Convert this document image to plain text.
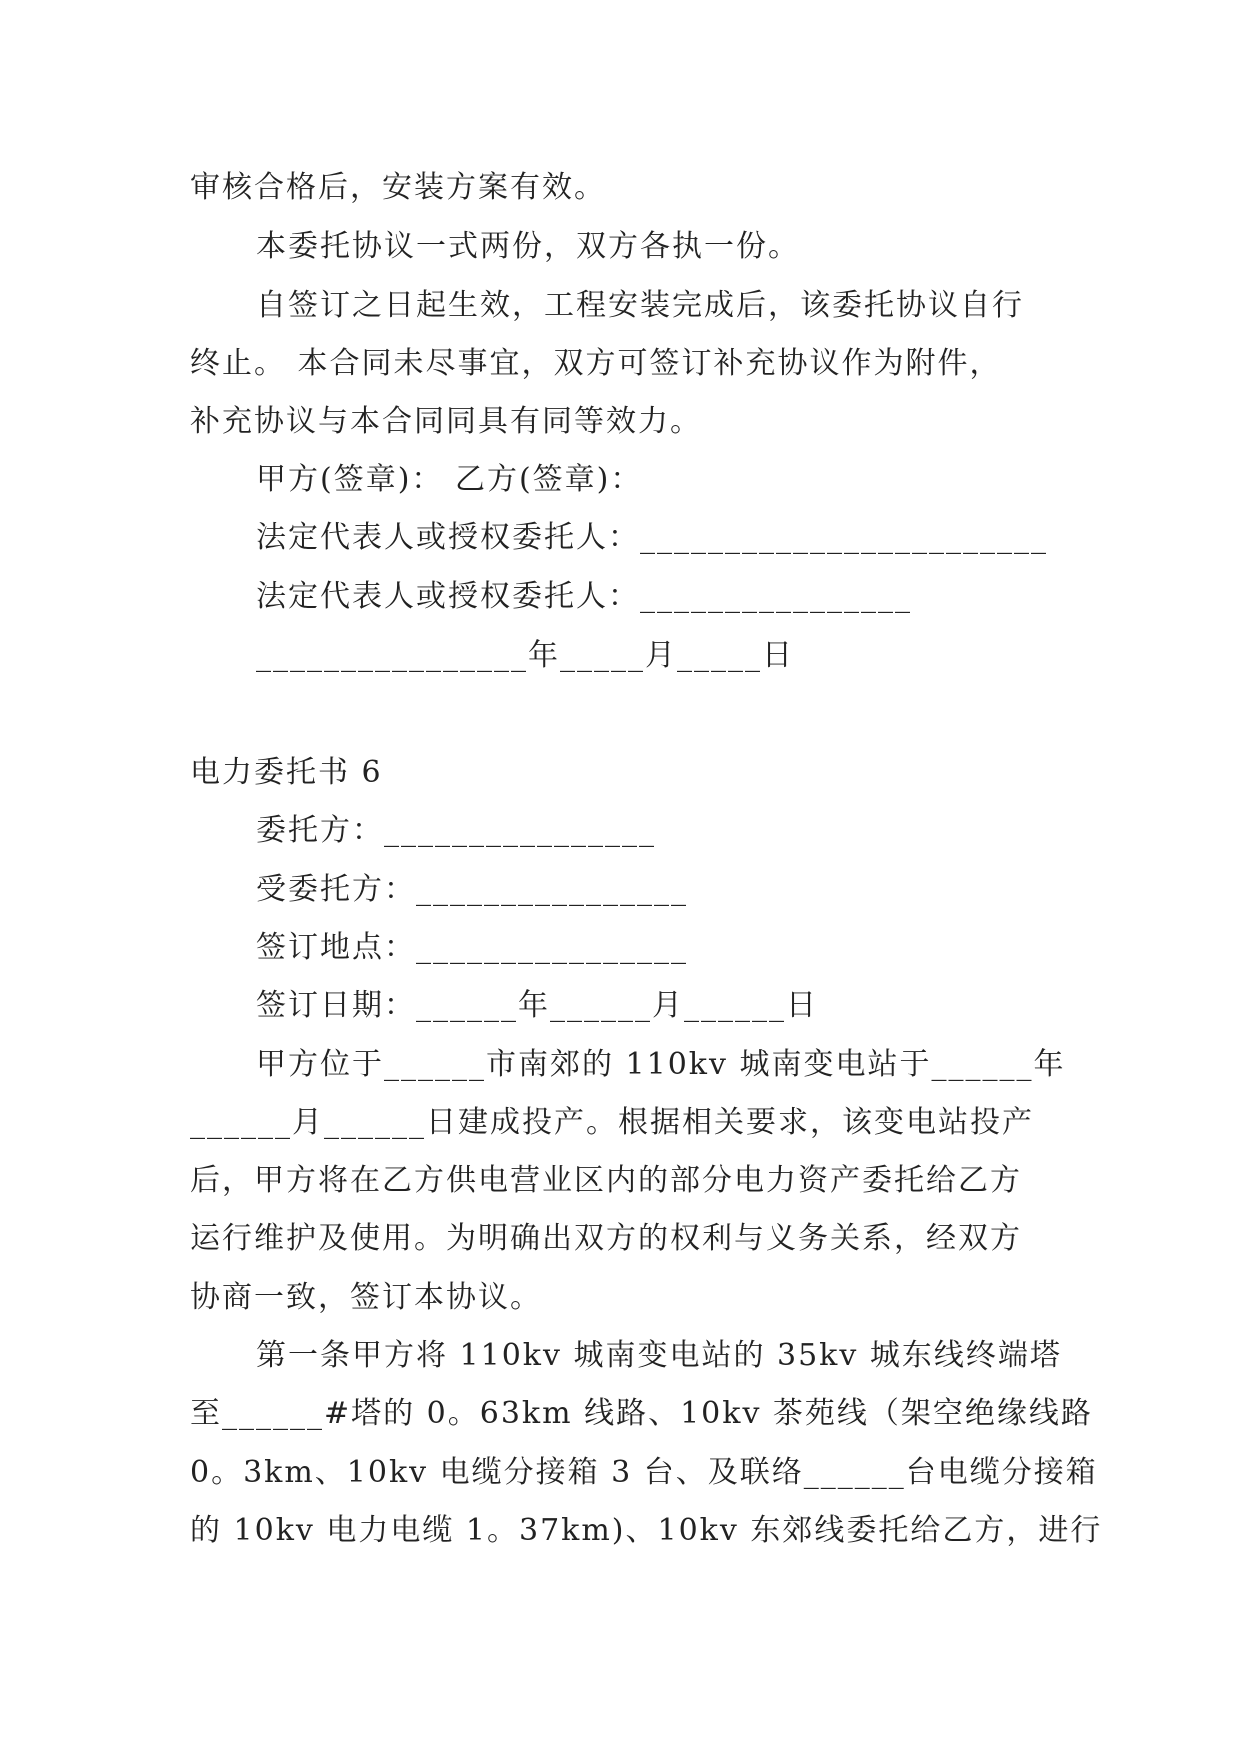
审核合格后，安装方案有效。
本委托协议一式两份，双方各执一份。
自签订之日起生效，工程安装完成后，该委托协议自行
终止。 本合同未尽事宜，双方可签订补充协议作为附件，
补充协议与本合同同具有同等效力。
甲方(签章)： 乙方(签章)：
法定代表人或授权委托人：________________________
法定代表人或授权委托人：________________
________________年_____月_____日
电力委托书 6
委托方：________________
受委托方：________________
签订地点：________________
签订日期：______年______月______日
甲方位于______市南郊的 110kv 城南变电站于______年
______月______日建成投产。根据相关要求，该变电站投产
后，甲方将在乙方供电营业区内的部分电力资产委托给乙方
运行维护及使用。为明确出双方的权利与义务关系，经双方
协商一致，签订本协议。
第一条甲方将 110kv 城南变电站的 35kv 城东线终端塔
至______#塔的 0。63km 线路、10kv 茶苑线（架空绝缘线路
0。3km、10kv 电缆分接箱 3 台、及联络______台电缆分接箱
的 10kv 电力电缆 1。37km)、10kv 东郊线委托给乙方，进行
